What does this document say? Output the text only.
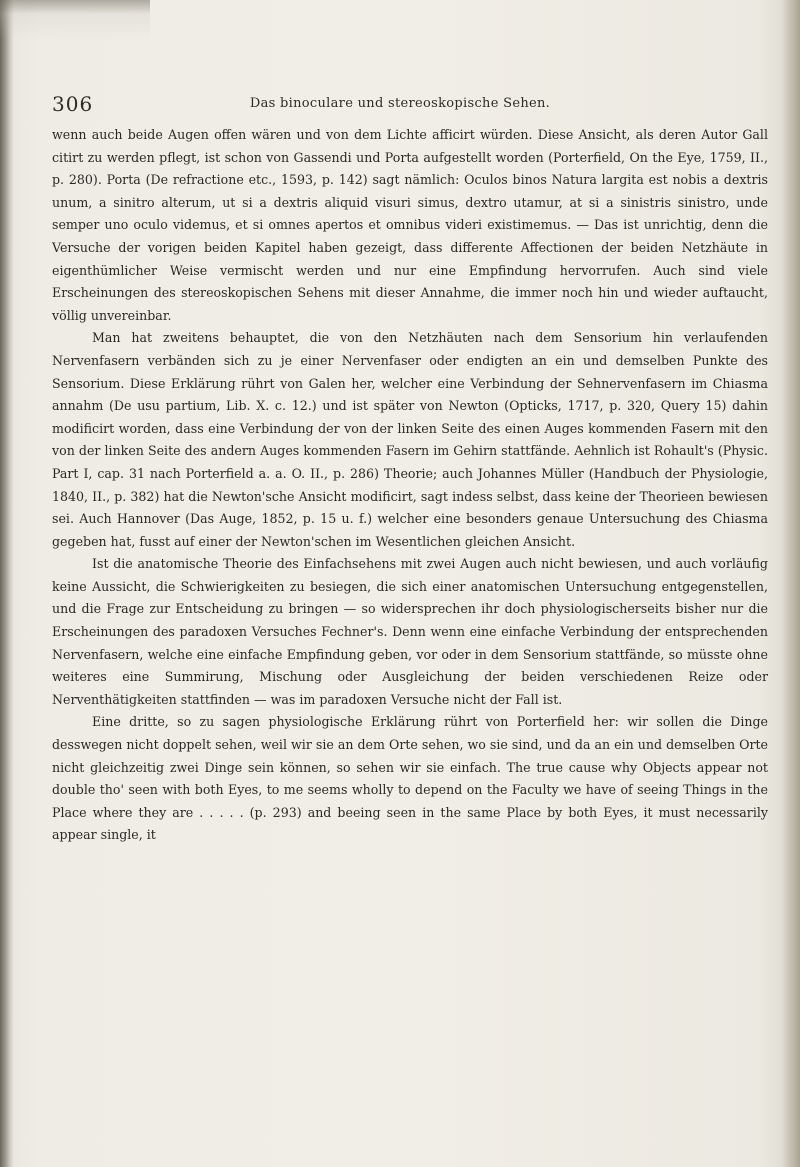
306	Das binoculare und stereoskopische Sehen.

wenn auch beide Augen offen wären und von dem Lichte afficirt würden. Diese Ansicht, als deren Autor Gall citirt zu werden pflegt, ist schon von Gassendi und Porta aufgestellt worden (Porterfield, On the Eye, 1759, II., p. 280). Porta (De refractione etc., 1593, p. 142) sagt nämlich: Oculos binos Natura largita est nobis a dextris unum, a sinitro alterum, ut si a dextris aliquid visuri simus, dextro utamur, at si a sinistris sinistro, unde semper uno oculo videmus, et si omnes apertos et omnibus videri existimemus. — Das ist unrichtig, denn die Versuche der vorigen beiden Kapitel haben gezeigt, dass differente Affectionen der beiden Netzhäute in eigenthümlicher Weise vermischt werden und nur eine Empfindung hervorrufen. Auch sind viele Erscheinungen des stereoskopischen Sehens mit dieser Annahme, die immer noch hin und wieder auftaucht, völlig unvereinbar.

Man hat zweitens behauptet, die von den Netzhäuten nach dem Sensorium hin verlaufenden Nervenfasern verbänden sich zu je einer Nervenfaser oder endigten an ein und demselben Punkte des Sensorium. Diese Erklärung rührt von Galen her, welcher eine Verbindung der Sehnervenfasern im Chiasma annahm (De usu partium, Lib. X. c. 12.) und ist später von Newton (Opticks, 1717, p. 320, Query 15) dahin modificirt worden, dass eine Verbindung der von der linken Seite des einen Auges kommenden Fasern mit den von der linken Seite des andern Auges kommenden Fasern im Gehirn stattfände. Aehnlich ist Rohault's (Physic. Part I, cap. 31 nach Porterfield a. a. O. II., p. 286) Theorie; auch Johannes Müller (Handbuch der Physiologie, 1840, II., p. 382) hat die Newton'sche Ansicht modificirt, sagt indess selbst, dass keine der Theorieen bewiesen sei. Auch Hannover (Das Auge, 1852, p. 15 u. f.) welcher eine besonders genaue Untersuchung des Chiasma gegeben hat, fusst auf einer der Newton'schen im Wesentlichen gleichen Ansicht.

Ist die anatomische Theorie des Einfachsehens mit zwei Augen auch nicht bewiesen, und auch vorläufig keine Aussicht, die Schwierigkeiten zu besiegen, die sich einer anatomischen Untersuchung entgegenstellen, und die Frage zur Entscheidung zu bringen — so widersprechen ihr doch physiologischerseits bisher nur die Erscheinungen des paradoxen Versuches Fechner's. Denn wenn eine einfache Verbindung der entsprechenden Nervenfasern, welche eine einfache Empfindung geben, vor oder in dem Sensorium stattfände, so müsste ohne weiteres eine Summirung, Mischung oder Ausgleichung der beiden verschiedenen Reize oder Nerventhätigkeiten stattfinden — was im paradoxen Versuche nicht der Fall ist.

Eine dritte, so zu sagen physiologische Erklärung rührt von Porterfield her: wir sollen die Dinge desswegen nicht doppelt sehen, weil wir sie an dem Orte sehen, wo sie sind, und da an ein und demselben Orte nicht gleichzeitig zwei Dinge sein können, so sehen wir sie einfach. The true cause why Objects appear not double tho' seen with both Eyes, to me seems wholly to depend on the Faculty we have of seeing Things in the Place where they are . . . . . (p. 293) and beeing seen in the same Place by both Eyes, it must necessarily appear single, it
